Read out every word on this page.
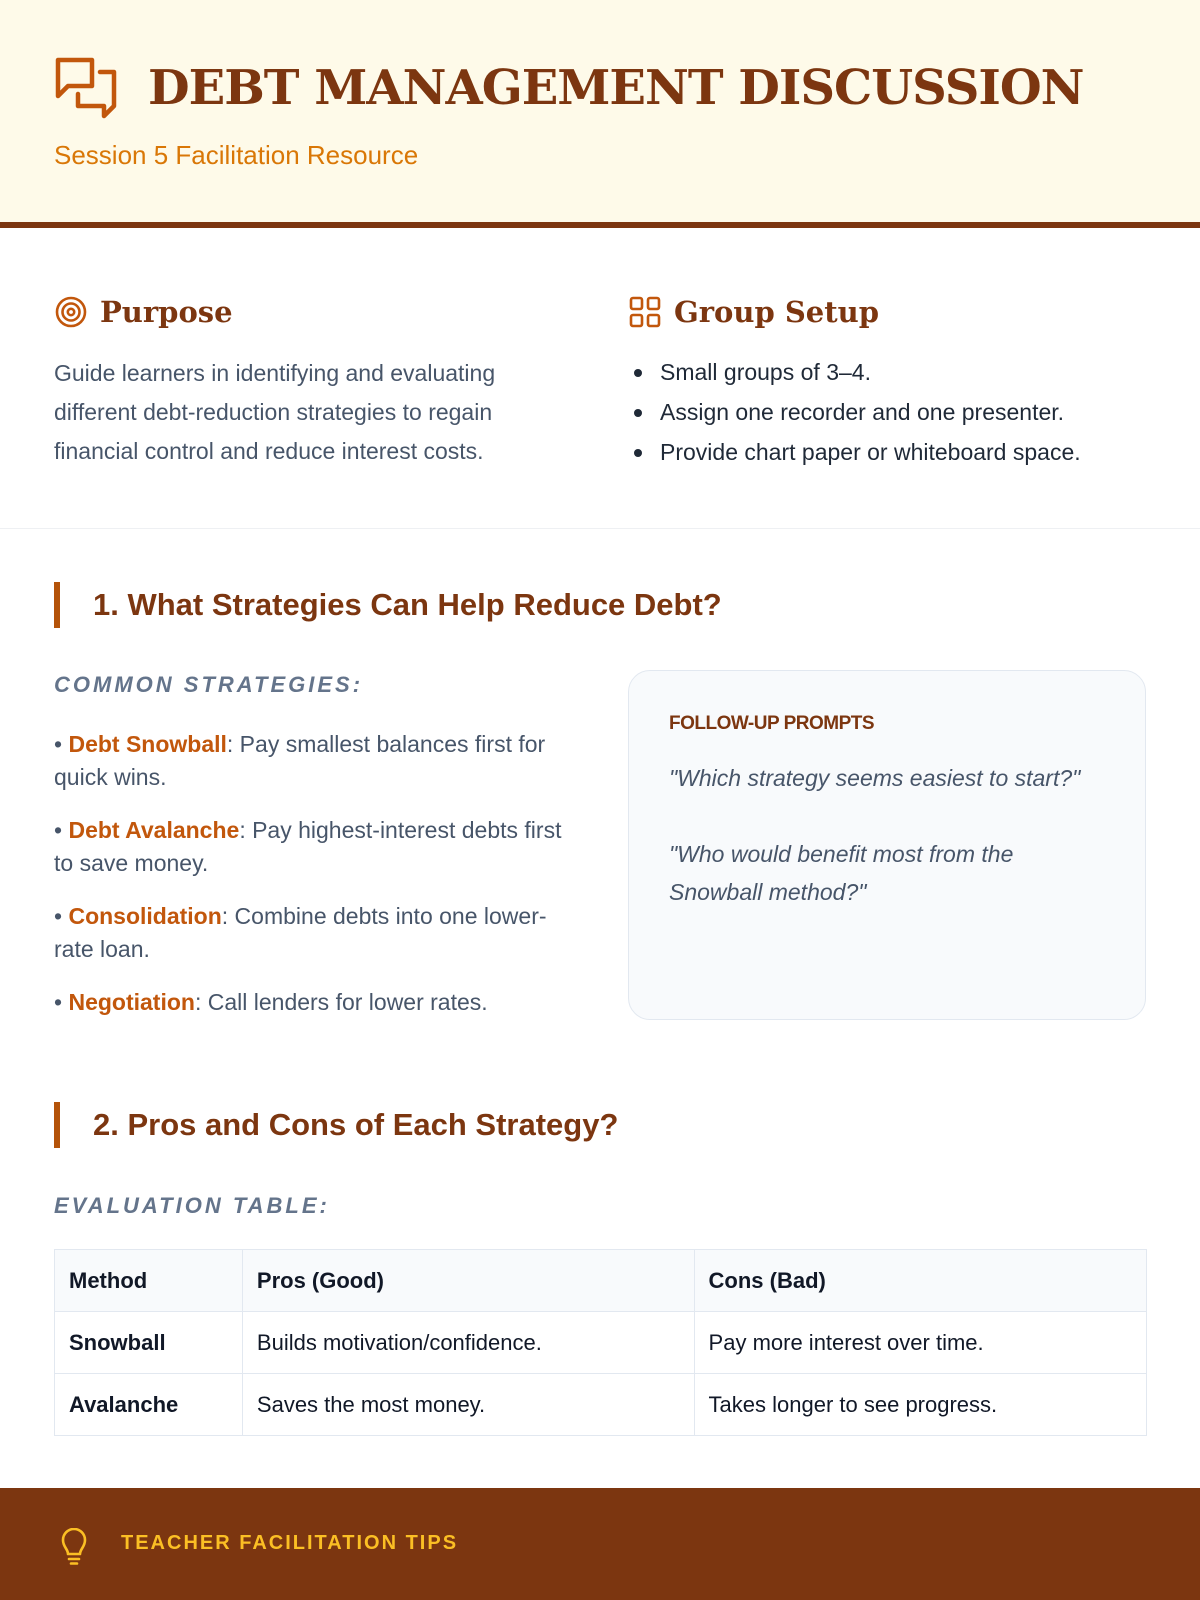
DEBT MANAGEMENT DISCUSSION
Session 5 Facilitation Resource
Purpose

Guide learners in identifying and evaluating different debt-reduction strategies to regain financial control and reduce interest costs.

Group Setup
Small groups of 3–4.
Assign one recorder and one presenter.
Provide chart paper or whiteboard space.
1. What Strategies Can Help Reduce Debt?
COMMON STRATEGIES:

• Debt Snowball: Pay smallest balances first for quick wins.

• Debt Avalanche: Pay highest-interest debts first to save money.

• Consolidation: Combine debts into one lower-rate loan.

• Negotiation: Call lenders for lower rates.

FOLLOW-UP PROMPTS

"Which strategy seems easiest to start?"

"Who would benefit most from the Snowball method?"

2. Pros and Cons of Each Strategy?
EVALUATION TABLE:
Method	Pros (Good)	Cons (Bad)
Snowball	Builds motivation/confidence.	Pay more interest over time.
Avalanche	Saves the most money.	Takes longer to see progress.
TEACHER FACILITATION TIPS
